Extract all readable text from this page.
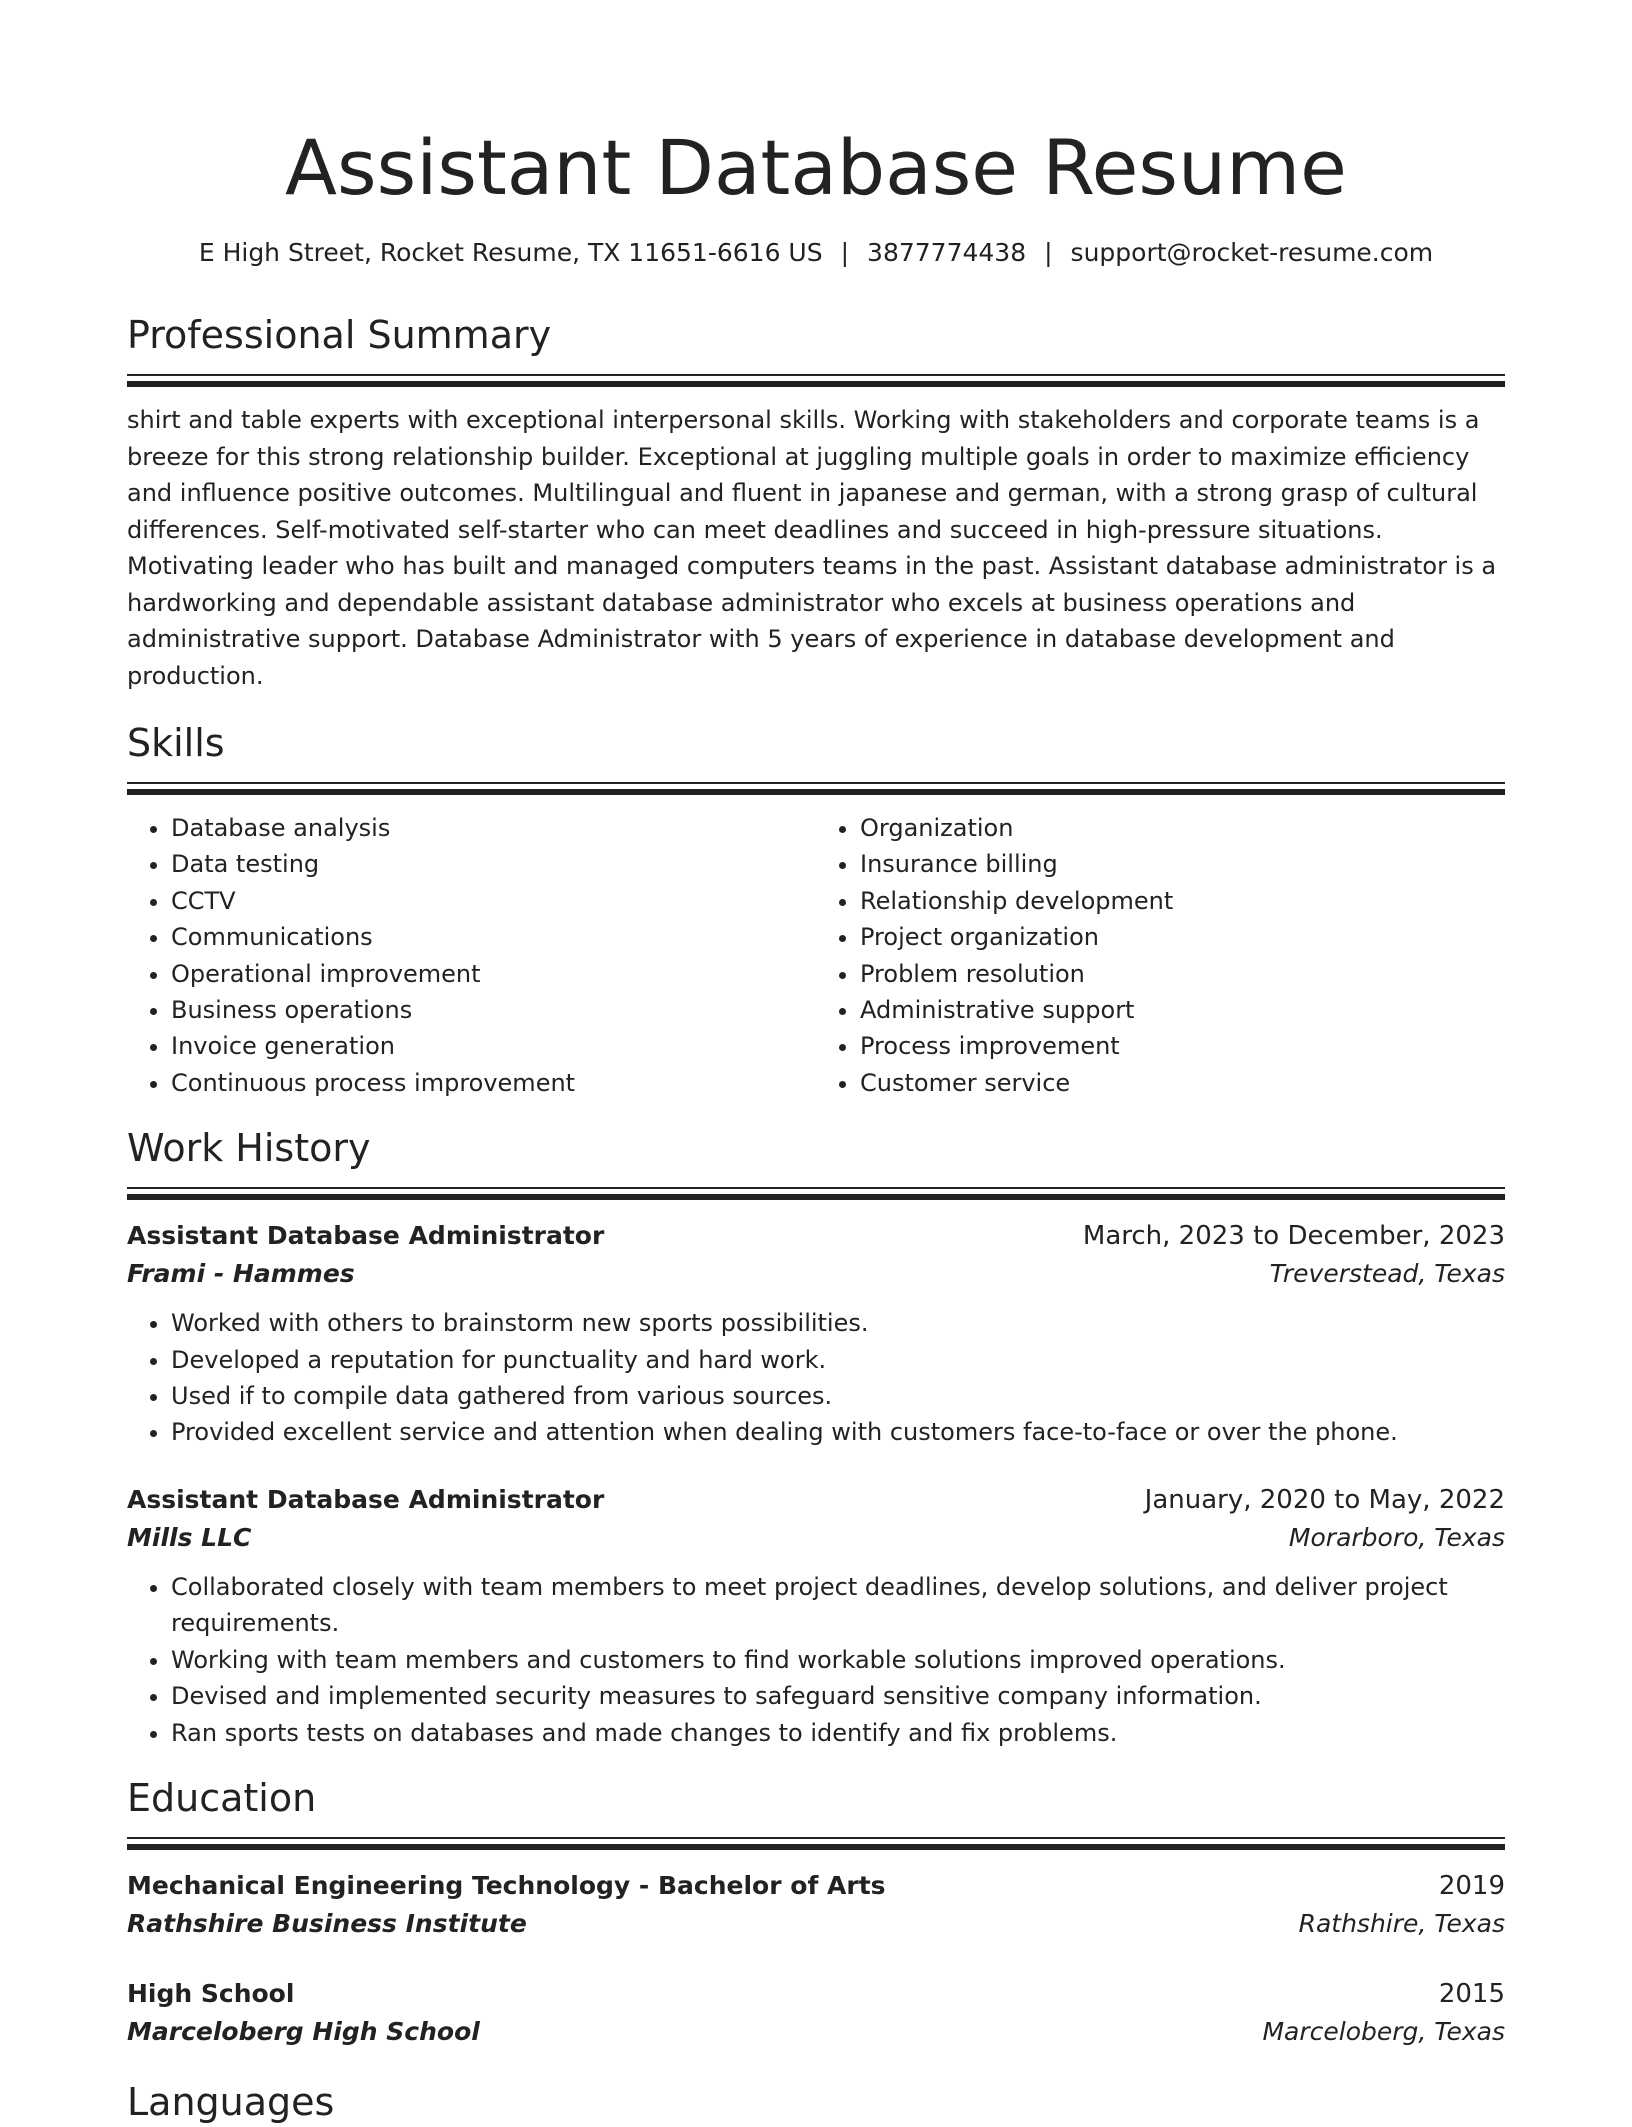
Assistant Database Resume
E High Street, Rocket Resume, TX 11651-6616 US | 3877774438 | support@rocket-resume.com
Professional Summary
shirt and table experts with exceptional interpersonal skills. Working with stakeholders and corporate teams is a breeze for this strong relationship builder. Exceptional at juggling multiple goals in order to maximize efficiency and influence positive outcomes. Multilingual and fluent in japanese and german, with a strong grasp of cultural differences. Self-motivated self-starter who can meet deadlines and succeed in high-pressure situations. Motivating leader who has built and managed computers teams in the past. Assistant database administrator is a hardworking and dependable assistant database administrator who excels at business operations and administrative support. Database Administrator with 5 years of experience in database development and production.
Skills
• Database analysis
• Data testing
• CCTV
• Communications
• Operational improvement
• Business operations
• Invoice generation
• Continuous process improvement
• Organization
• Insurance billing
• Relationship development
• Project organization
• Problem resolution
• Administrative support
• Process improvement
• Customer service
Work History
Assistant Database Administrator	March, 2023 to December, 2023
Frami - Hammes	Treverstead, Texas
• Worked with others to brainstorm new sports possibilities.
• Developed a reputation for punctuality and hard work.
• Used if to compile data gathered from various sources.
• Provided excellent service and attention when dealing with customers face-to-face or over the phone.
Assistant Database Administrator	January, 2020 to May, 2022
Mills LLC	Morarboro, Texas
• Collaborated closely with team members to meet project deadlines, develop solutions, and deliver project requirements.
• Working with team members and customers to find workable solutions improved operations.
• Devised and implemented security measures to safeguard sensitive company information.
• Ran sports tests on databases and made changes to identify and fix problems.
Education
Mechanical Engineering Technology - Bachelor of Arts	2019
Rathshire Business Institute	Rathshire, Texas
High School	2015
Marceloberg High School	Marceloberg, Texas
Languages
